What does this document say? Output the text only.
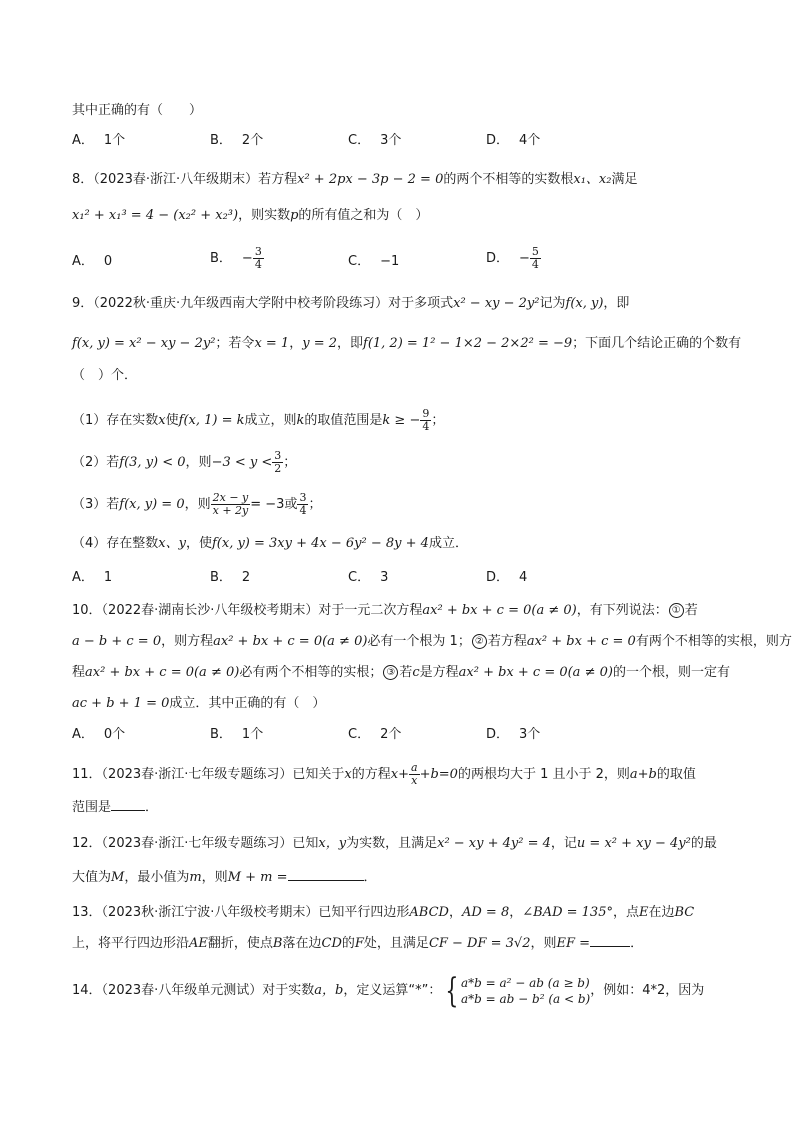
其中正确的有（　　）
A． 1个	B． 2个	C． 3个	D． 4个
8．（2023春·浙江·八年级期末）若方程x² + 2px − 3p − 2 = 0的两个不相等的实数根x₁、x₂满足
x₁² + x₁³ = 4 − (x₂² + x₂³)，则实数p的所有值之和为（　）
A． 0	B． − $\frac{3}{4}$	C． −1	D． − $\frac{5}{4}$
9．（2022秋·重庆·九年级西南大学附中校考阶段练习）对于多项式x² − xy − 2y²记为f(x, y)，即
f(x, y) = x² − xy − 2y²；若令x = 1，y = 2，即f(1, 2) = 1² − 1×2 − 2×2² = −9；下面几个结论正确的个数有
（　）个．
（1）存在实数x使f(x, 1) = k成立，则k的取值范围是k ≥ − $\frac{9}{4}$ ；
（2）若f(3, y) < 0，则$-3 < y < \frac{3}{2}$ ；
（3）若f(x, y) = 0，则 $\frac{2x - y}{x + 2y} = -3$或 $\frac{3}{4}$ ；
（4）存在整数x、y，使f(x, y) = 3xy + 4x − 6y² − 8y + 4成立．
A． 1	B． 2	C． 3	D． 4
10．（2022春·湖南长沙·八年级校考期末）对于一元二次方程ax² + bx + c = 0(a ≠ 0)，有下列说法： ① 若
a − b + c = 0，则方程ax² + bx + c = 0(a ≠ 0)必有一个根为 1； ② 若方程ax² + bx + c = 0有两个不相等的实根，则方
程ax² + bx + c = 0(a ≠ 0)必有两个不相等的实根； ③ 若c是方程ax² + bx + c = 0(a ≠ 0)的一个根，则一定有
ac + b + 1 = 0成立．其中正确的有（　）
A． 0个	B． 1个	C． 2个	D． 3个
11．（2023春·浙江·七年级专题练习）已知关于x的方程$x+ \frac{a}{x} +b=0$的两根均大于 1 且小于 2，则a+b的取值
范围是	．
12．（2023春·浙江·七年级专题练习）已知x，y为实数，且满足x² − xy + 4y² = 4，记u = x² + xy − 4y²的最
大值为M，最小值为m，则M + m =	．
13．（2023秋·浙江宁波·八年级校考期末）已知平行四边形ABCD，AD = 8，∠BAD = 135°，点E在边BC
上，将平行四边形沿AE翻折，使点B落在边CD的F处，且满足CF − DF = 3√2，则EF =	．
14．（2023春·八年级单元测试）对于实数a，b，定义运算“*”： { a*b = a² − ab (a ≥ b)
a*b = ab − b² (a < b)
，例如：4*2，因为
